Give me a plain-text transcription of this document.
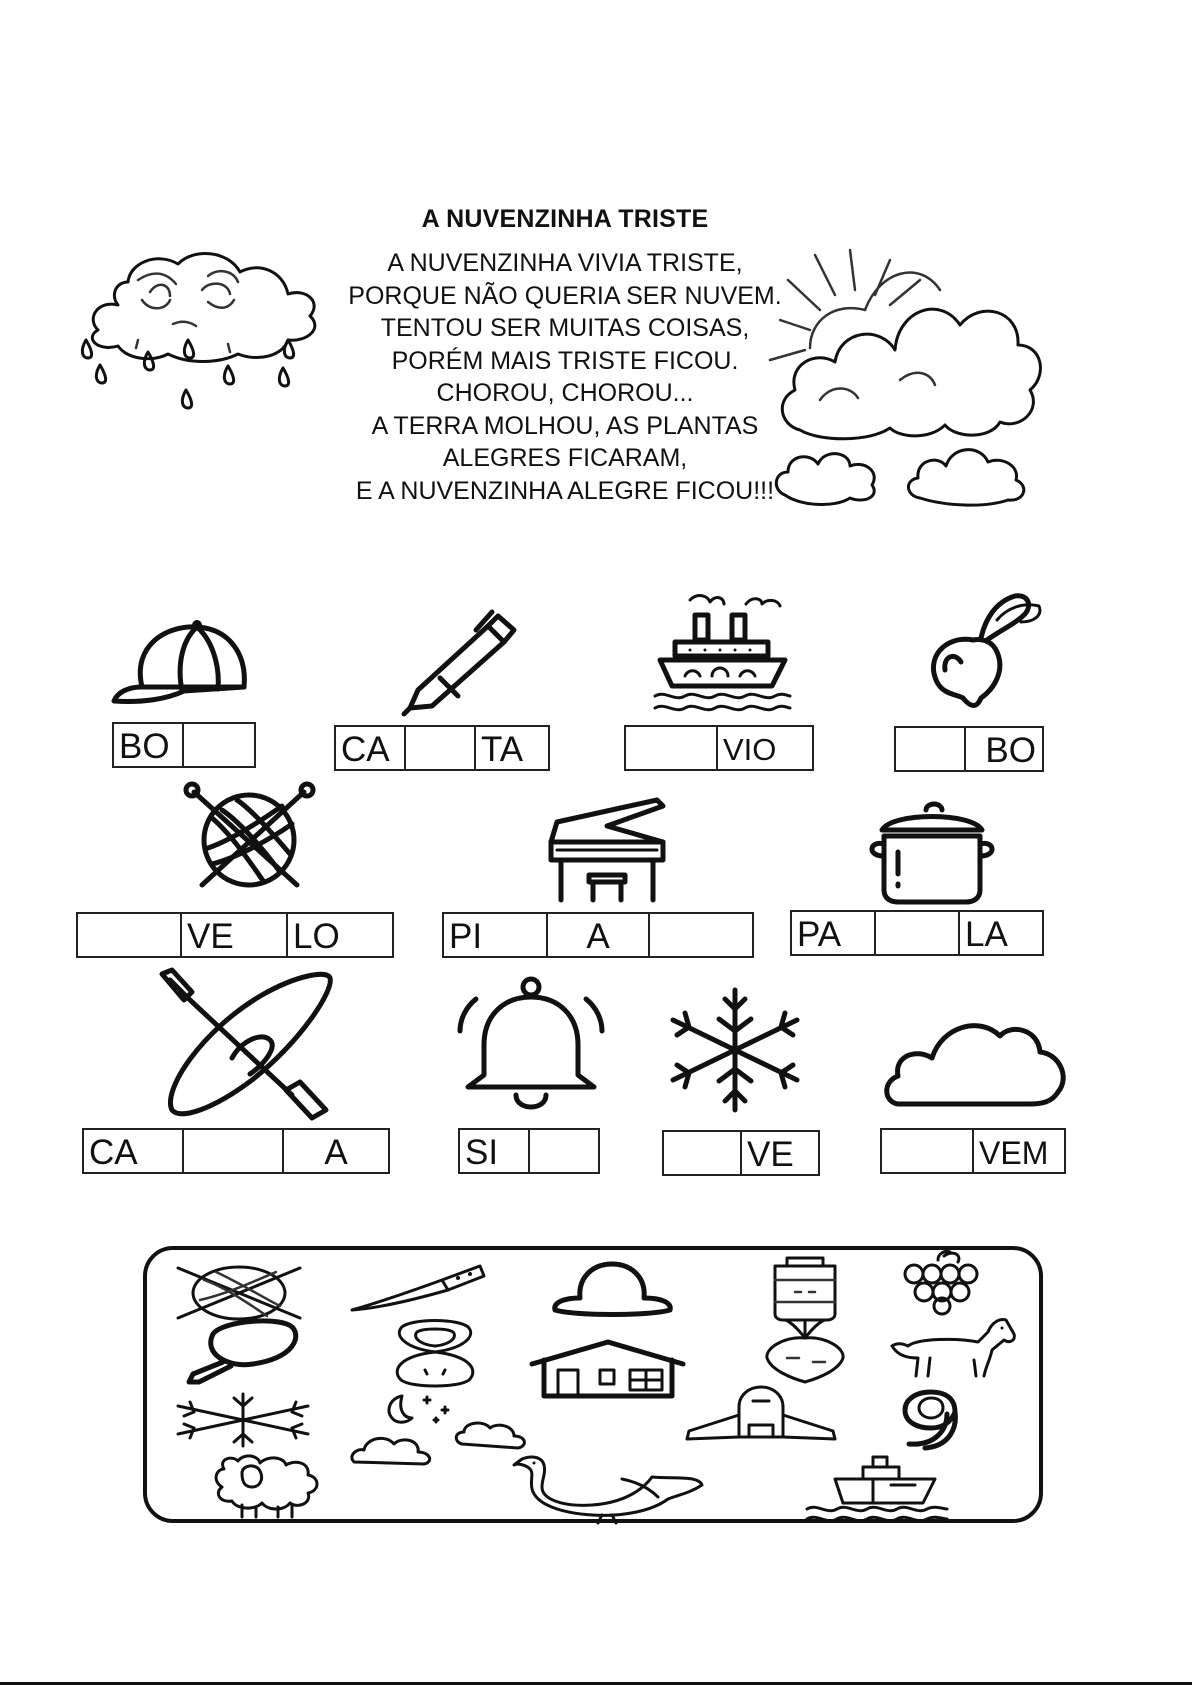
A NUVENZINHA TRISTE
A NUVENZINHA VIVIA TRISTE,
PORQUE NÃO QUERIA SER NUVEM.
TENTOU SER MUITAS COISAS,
PORÉM MAIS TRISTE FICOU.
CHOROU, CHOROU...
A TERRA MOLHOU, AS PLANTAS
ALEGRES FICARAM,
E A NUVENZINHA ALEGRE FICOU!!!
BO	CA	TA	VIO	BO
VE	LO	PI	A	PA	LA
CA	A	SI	VE	VEM
